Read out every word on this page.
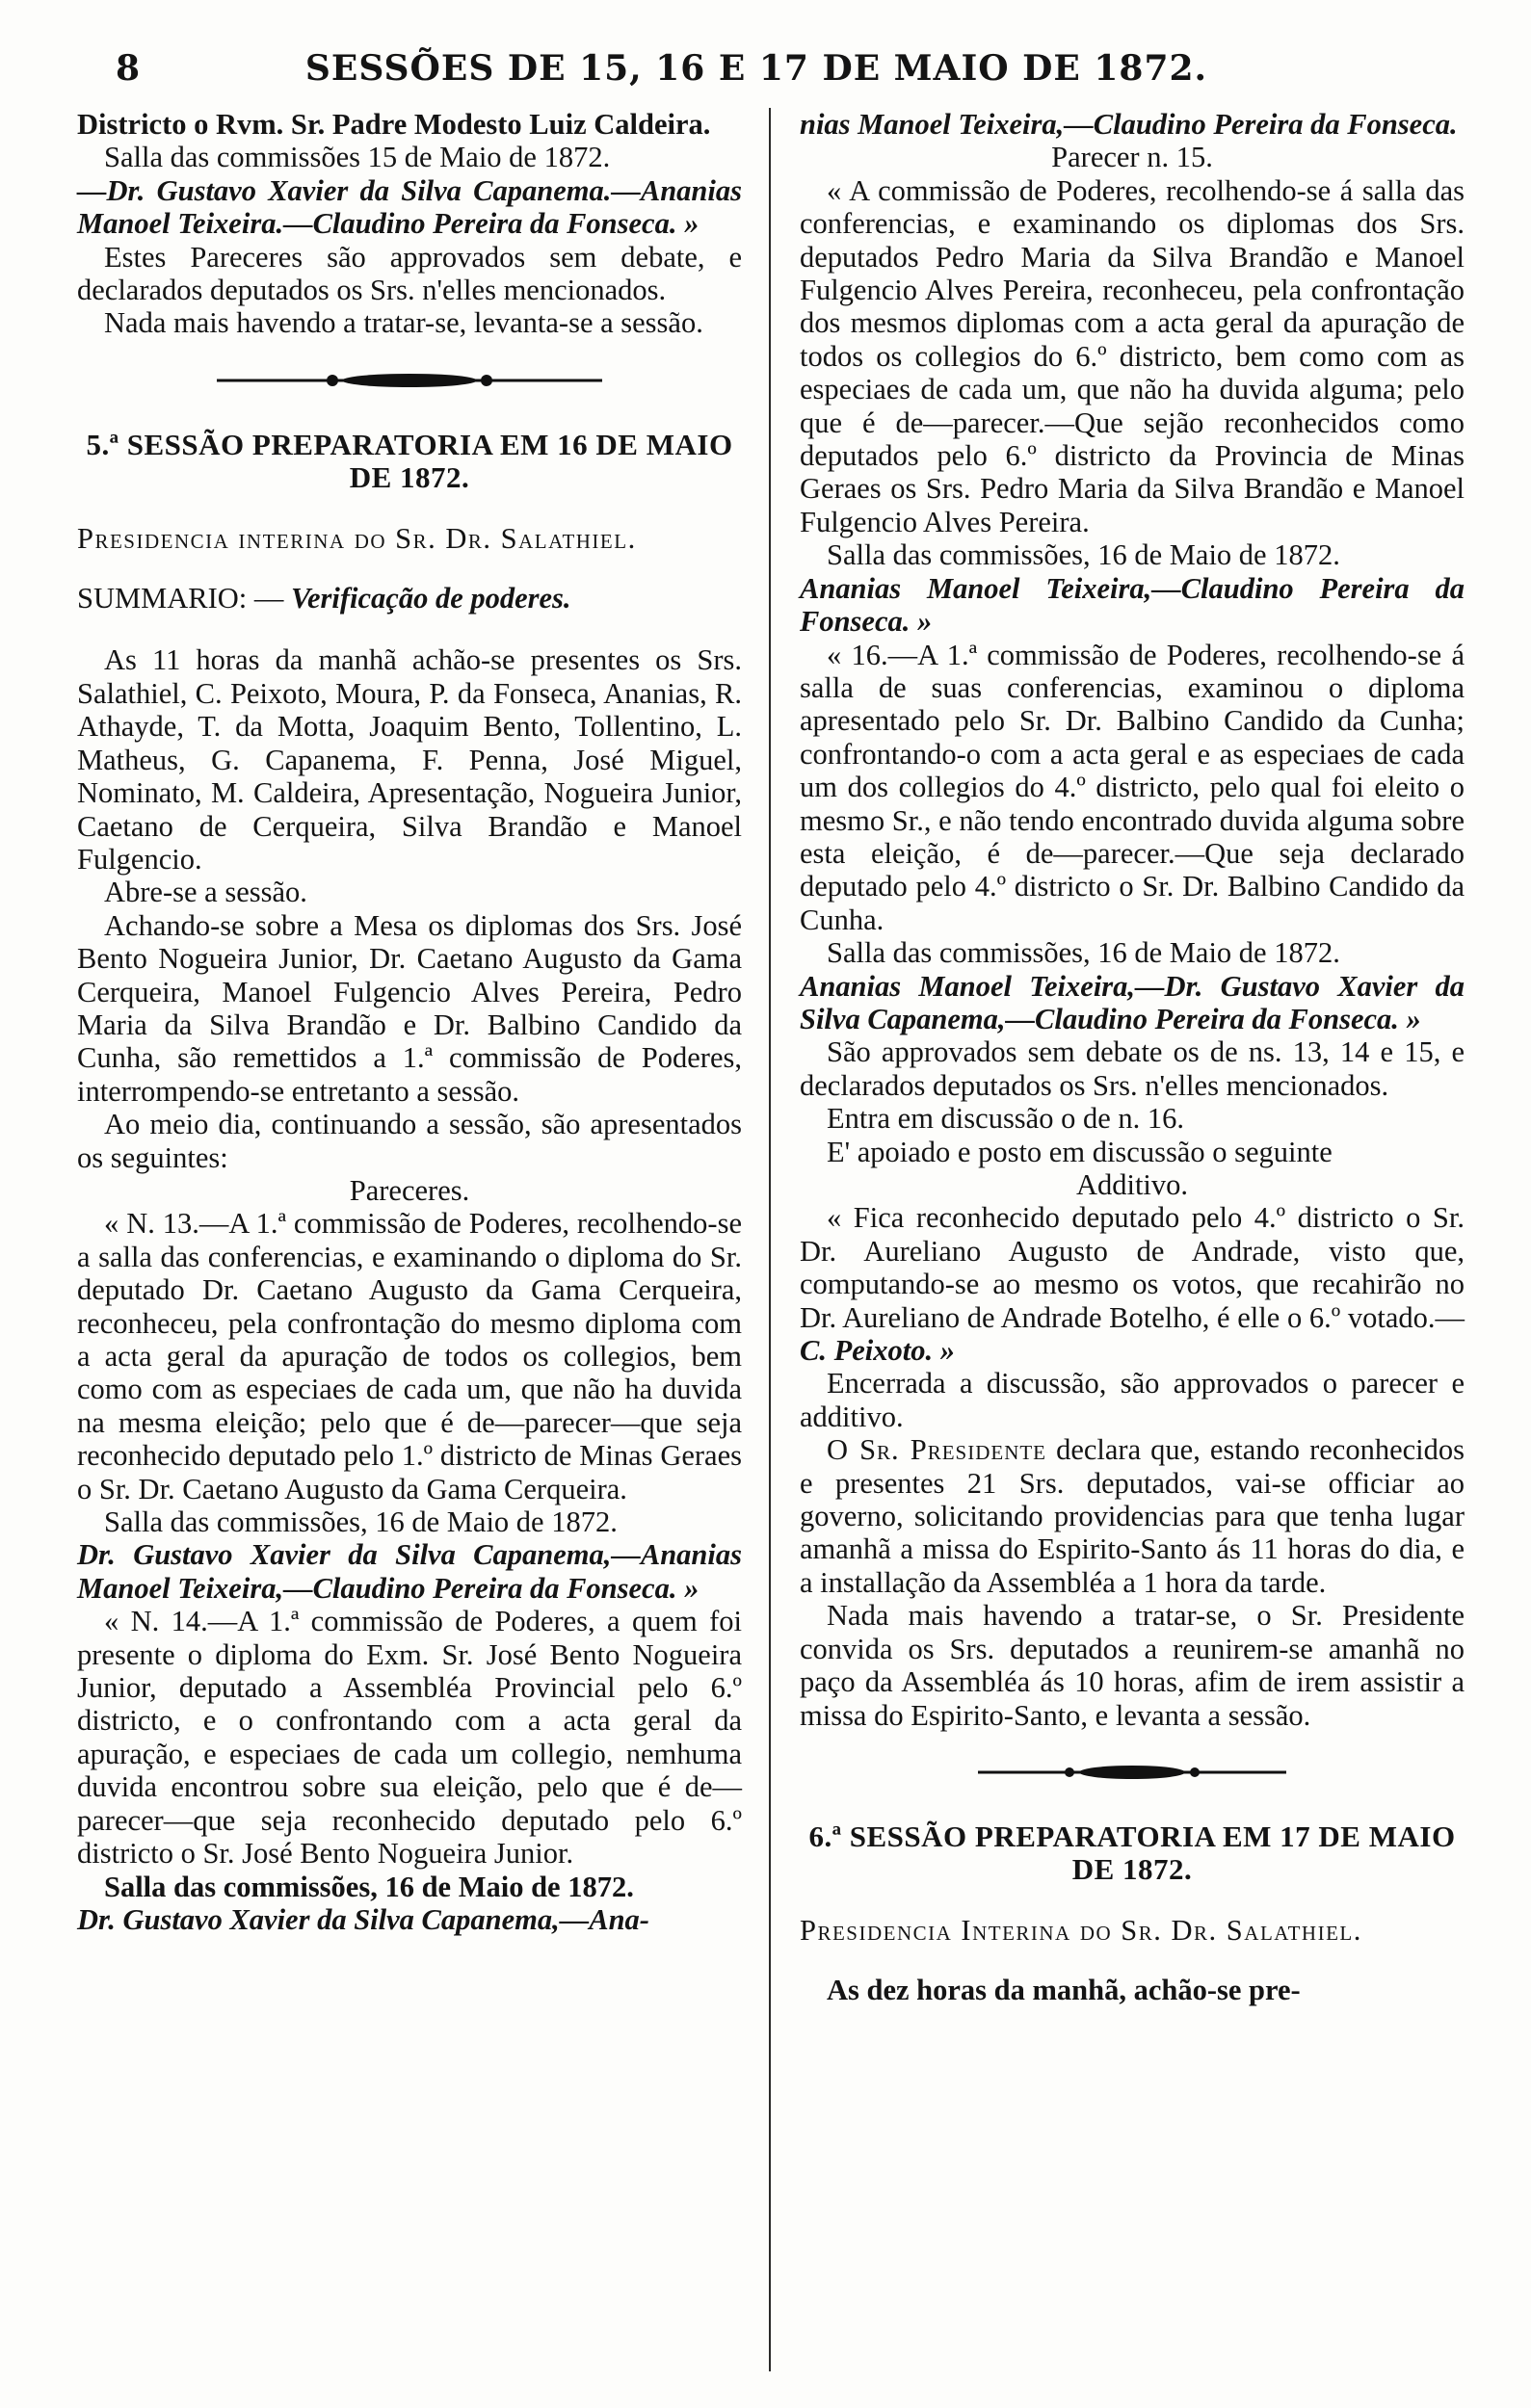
8	SESSÕES DE 15, 16 E 17 DE MAIO DE 1872.

Districto o Rvm. Sr. Padre Modesto Luiz Caldeira.

Salla das commissões 15 de Maio de 1872.

—Dr. Gustavo Xavier da Silva Capanema.—Ananias Manoel Teixeira.—Claudino Pereira da Fonseca. »

Estes Pareceres são approvados sem debate, e declarados deputados os Srs. n'elles mencionados.

Nada mais havendo a tratar-se, levanta-se a sessão.

5.ª SESSÃO PREPARATORIA EM 16 DE MAIO DE 1872.
Presidencia interina do Sr. Dr. Salathiel.
SUMMARIO: — Verificação de poderes.

As 11 horas da manhã achão-se presentes os Srs. Salathiel, C. Peixoto, Moura, P. da Fonseca, Ananias, R. Athayde, T. da Motta, Joaquim Bento, Tollentino, L. Matheus, G. Capanema, F. Penna, José Miguel, Nominato, M. Caldeira, Apresentação, Nogueira Junior, Caetano de Cerqueira, Silva Brandão e Manoel Fulgencio.

Abre-se a sessão.

Achando-se sobre a Mesa os diplomas dos Srs. José Bento Nogueira Junior, Dr. Caetano Augusto da Gama Cerqueira, Manoel Fulgencio Alves Pereira, Pedro Maria da Silva Brandão e Dr. Balbino Candido da Cunha, são remettidos a 1.ª commissão de Poderes, interrompendo-se entretanto a sessão.

Ao meio dia, continuando a sessão, são apresentados os seguintes:

Pareceres.

« N. 13.—A 1.ª commissão de Poderes, recolhendo-se a salla das conferencias, e examinando o diploma do Sr. deputado Dr. Caetano Augusto da Gama Cerqueira, reconheceu, pela confrontação do mesmo diploma com a acta geral da apuração de todos os collegios, bem como com as especiaes de cada um, que não ha duvida na mesma eleição; pelo que é de—parecer—que seja reconhecido deputado pelo 1.º districto de Minas Geraes o Sr. Dr. Caetano Augusto da Gama Cerqueira.

Salla das commissões, 16 de Maio de 1872.

Dr. Gustavo Xavier da Silva Capanema,—Ananias Manoel Teixeira,—Claudino Pereira da Fonseca. »

« N. 14.—A 1.ª commissão de Poderes, a quem foi presente o diploma do Exm. Sr. José Bento Nogueira Junior, deputado a Assembléa Provincial pelo 6.º districto, e o confrontando com a acta geral da apuração, e especiaes de cada um collegio, nemhuma duvida encontrou sobre sua eleição, pelo que é de—parecer—que seja reconhecido deputado pelo 6.º districto o Sr. José Bento Nogueira Junior.

Salla das commissões, 16 de Maio de 1872.

Dr. Gustavo Xavier da Silva Capanema,—Ana-

nias Manoel Teixeira,—Claudino Pereira da Fonseca.

Parecer n. 15.

« A commissão de Poderes, recolhendo-se á salla das conferencias, e examinando os diplomas dos Srs. deputados Pedro Maria da Silva Brandão e Manoel Fulgencio Alves Pereira, reconheceu, pela confrontação dos mesmos diplomas com a acta geral da apuração de todos os collegios do 6.º districto, bem como com as especiaes de cada um, que não ha duvida alguma; pelo que é de—parecer.—Que sejão reconhecidos como deputados pelo 6.º districto da Provincia de Minas Geraes os Srs. Pedro Maria da Silva Brandão e Manoel Fulgencio Alves Pereira.

Salla das commissões, 16 de Maio de 1872.

Ananias Manoel Teixeira,—Claudino Pereira da Fonseca. »

« 16.—A 1.ª commissão de Poderes, recolhendo-se á salla de suas conferencias, examinou o diploma apresentado pelo Sr. Dr. Balbino Candido da Cunha; confrontando-o com a acta geral e as especiaes de cada um dos collegios do 4.º districto, pelo qual foi eleito o mesmo Sr., e não tendo encontrado duvida alguma sobre esta eleição, é de—parecer.—Que seja declarado deputado pelo 4.º districto o Sr. Dr. Balbino Candido da Cunha.

Salla das commissões, 16 de Maio de 1872.

Ananias Manoel Teixeira,—Dr. Gustavo Xavier da Silva Capanema,—Claudino Pereira da Fonseca. »

São approvados sem debate os de ns. 13, 14 e 15, e declarados deputados os Srs. n'elles mencionados.

Entra em discussão o de n. 16.

E' apoiado e posto em discussão o seguinte

Additivo.

« Fica reconhecido deputado pelo 4.º districto o Sr. Dr. Aureliano Augusto de Andrade, visto que, computando-se ao mesmo os votos, que recahirão no Dr. Aureliano de Andrade Botelho, é elle o 6.º votado.—C. Peixoto. »

Encerrada a discussão, são approvados o parecer e additivo.

O Sr. Presidente declara que, estando reconhecidos e presentes 21 Srs. deputados, vai-se officiar ao governo, solicitando providencias para que tenha lugar amanhã a missa do Espirito-Santo ás 11 horas do dia, e a installação da Assembléa a 1 hora da tarde.

Nada mais havendo a tratar-se, o Sr. Presidente convida os Srs. deputados a reunirem-se amanhã no paço da Assembléa ás 10 horas, afim de irem assistir a missa do Espirito-Santo, e levanta a sessão.

6.ª SESSÃO PREPARATORIA EM 17 DE MAIO DE 1872.
Presidencia Interina do Sr. Dr. Salathiel.

As dez horas da manhã, achão-se pre-
